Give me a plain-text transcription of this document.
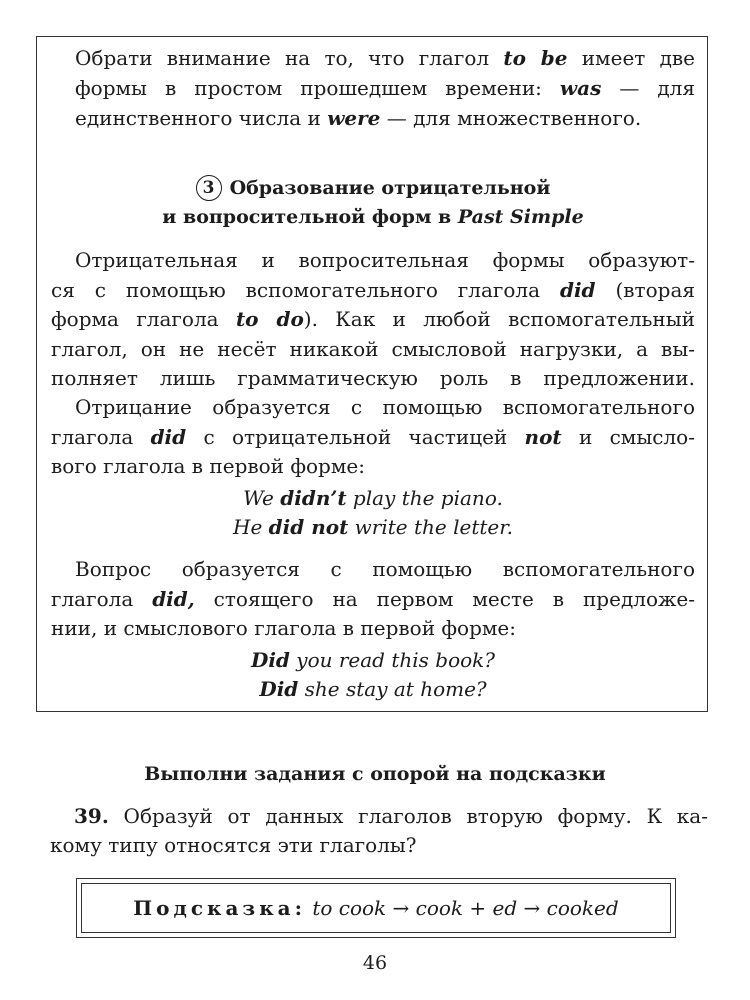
Обрати внимание на то, что глагол to be имеет две

формы в простом прошедшем времени: was — для

единственного числа и were — для множественного.

3 Образование отрицательной

и вопросительной форм в Past Simple

Отрицательная и вопросительная формы образуют-

ся с помощью вспомогательного глагола did (вторая

форма глагола to do). Как и любой вспомогательный

глагол, он не несёт никакой смысловой нагрузки, а вы-

полняет лишь грамматическую роль в предложении.

Отрицание образуется с помощью вспомогательного

глагола did с отрицательной частицей not и смысло-

вого глагола в первой форме:

We didn’t play the piano.

He did not write the letter.

Вопрос образуется с помощью вспомогательного

глагола did, стоящего на первом месте в предложе-

нии, и смыслового глагола в первой форме:

Did you read this book?

Did she stay at home?

Выполни задания с опорой на подсказки

39. Образуй от данных глаголов вторую форму. К ка-

кому типу относятся эти глаголы?

Подсказка: to cook → cook + ed → cooked
46
